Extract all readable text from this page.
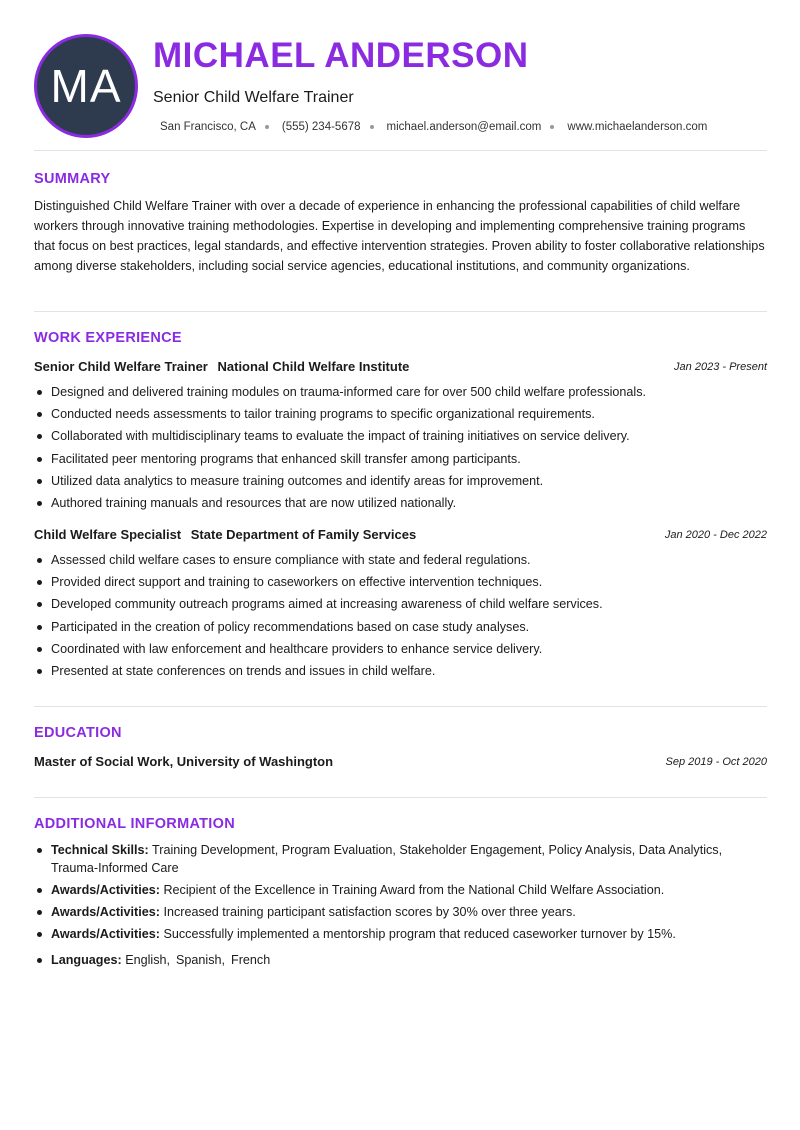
MA
MICHAEL ANDERSON
Senior Child Welfare Trainer
San Francisco, CA (555) 234-5678 michael.anderson@email.com www.michaelanderson.com
SUMMARY
Distinguished Child Welfare Trainer with over a decade of experience in enhancing the professional capabilities of child welfare workers through innovative training methodologies. Expertise in developing and implementing comprehensive training programs that focus on best practices, legal standards, and effective intervention strategies. Proven ability to foster collaborative relationships among diverse stakeholders, including social service agencies, educational institutions, and community organizations.
WORK EXPERIENCE
Senior Child Welfare Trainer National Child Welfare Institute	Jan 2023 - Present
Designed and delivered training modules on trauma-informed care for over 500 child welfare professionals.
Conducted needs assessments to tailor training programs to specific organizational requirements.
Collaborated with multidisciplinary teams to evaluate the impact of training initiatives on service delivery.
Facilitated peer mentoring programs that enhanced skill transfer among participants.
Utilized data analytics to measure training outcomes and identify areas for improvement.
Authored training manuals and resources that are now utilized nationally.
Child Welfare Specialist State Department of Family Services	Jan 2020 - Dec 2022
Assessed child welfare cases to ensure compliance with state and federal regulations.
Provided direct support and training to caseworkers on effective intervention techniques.
Developed community outreach programs aimed at increasing awareness of child welfare services.
Participated in the creation of policy recommendations based on case study analyses.
Coordinated with law enforcement and healthcare providers to enhance service delivery.
Presented at state conferences on trends and issues in child welfare.
EDUCATION
Master of Social Work, University of Washington	Sep 2019 - Oct 2020
ADDITIONAL INFORMATION
Technical Skills: Training Development, Program Evaluation, Stakeholder Engagement, Policy Analysis, Data Analytics, Trauma-Informed Care
Awards/Activities: Recipient of the Excellence in Training Award from the National Child Welfare Association.
Awards/Activities: Increased training participant satisfaction scores by 30% over three years.
Awards/Activities: Successfully implemented a mentorship program that reduced caseworker turnover by 15%.
Languages: English, Spanish, French
